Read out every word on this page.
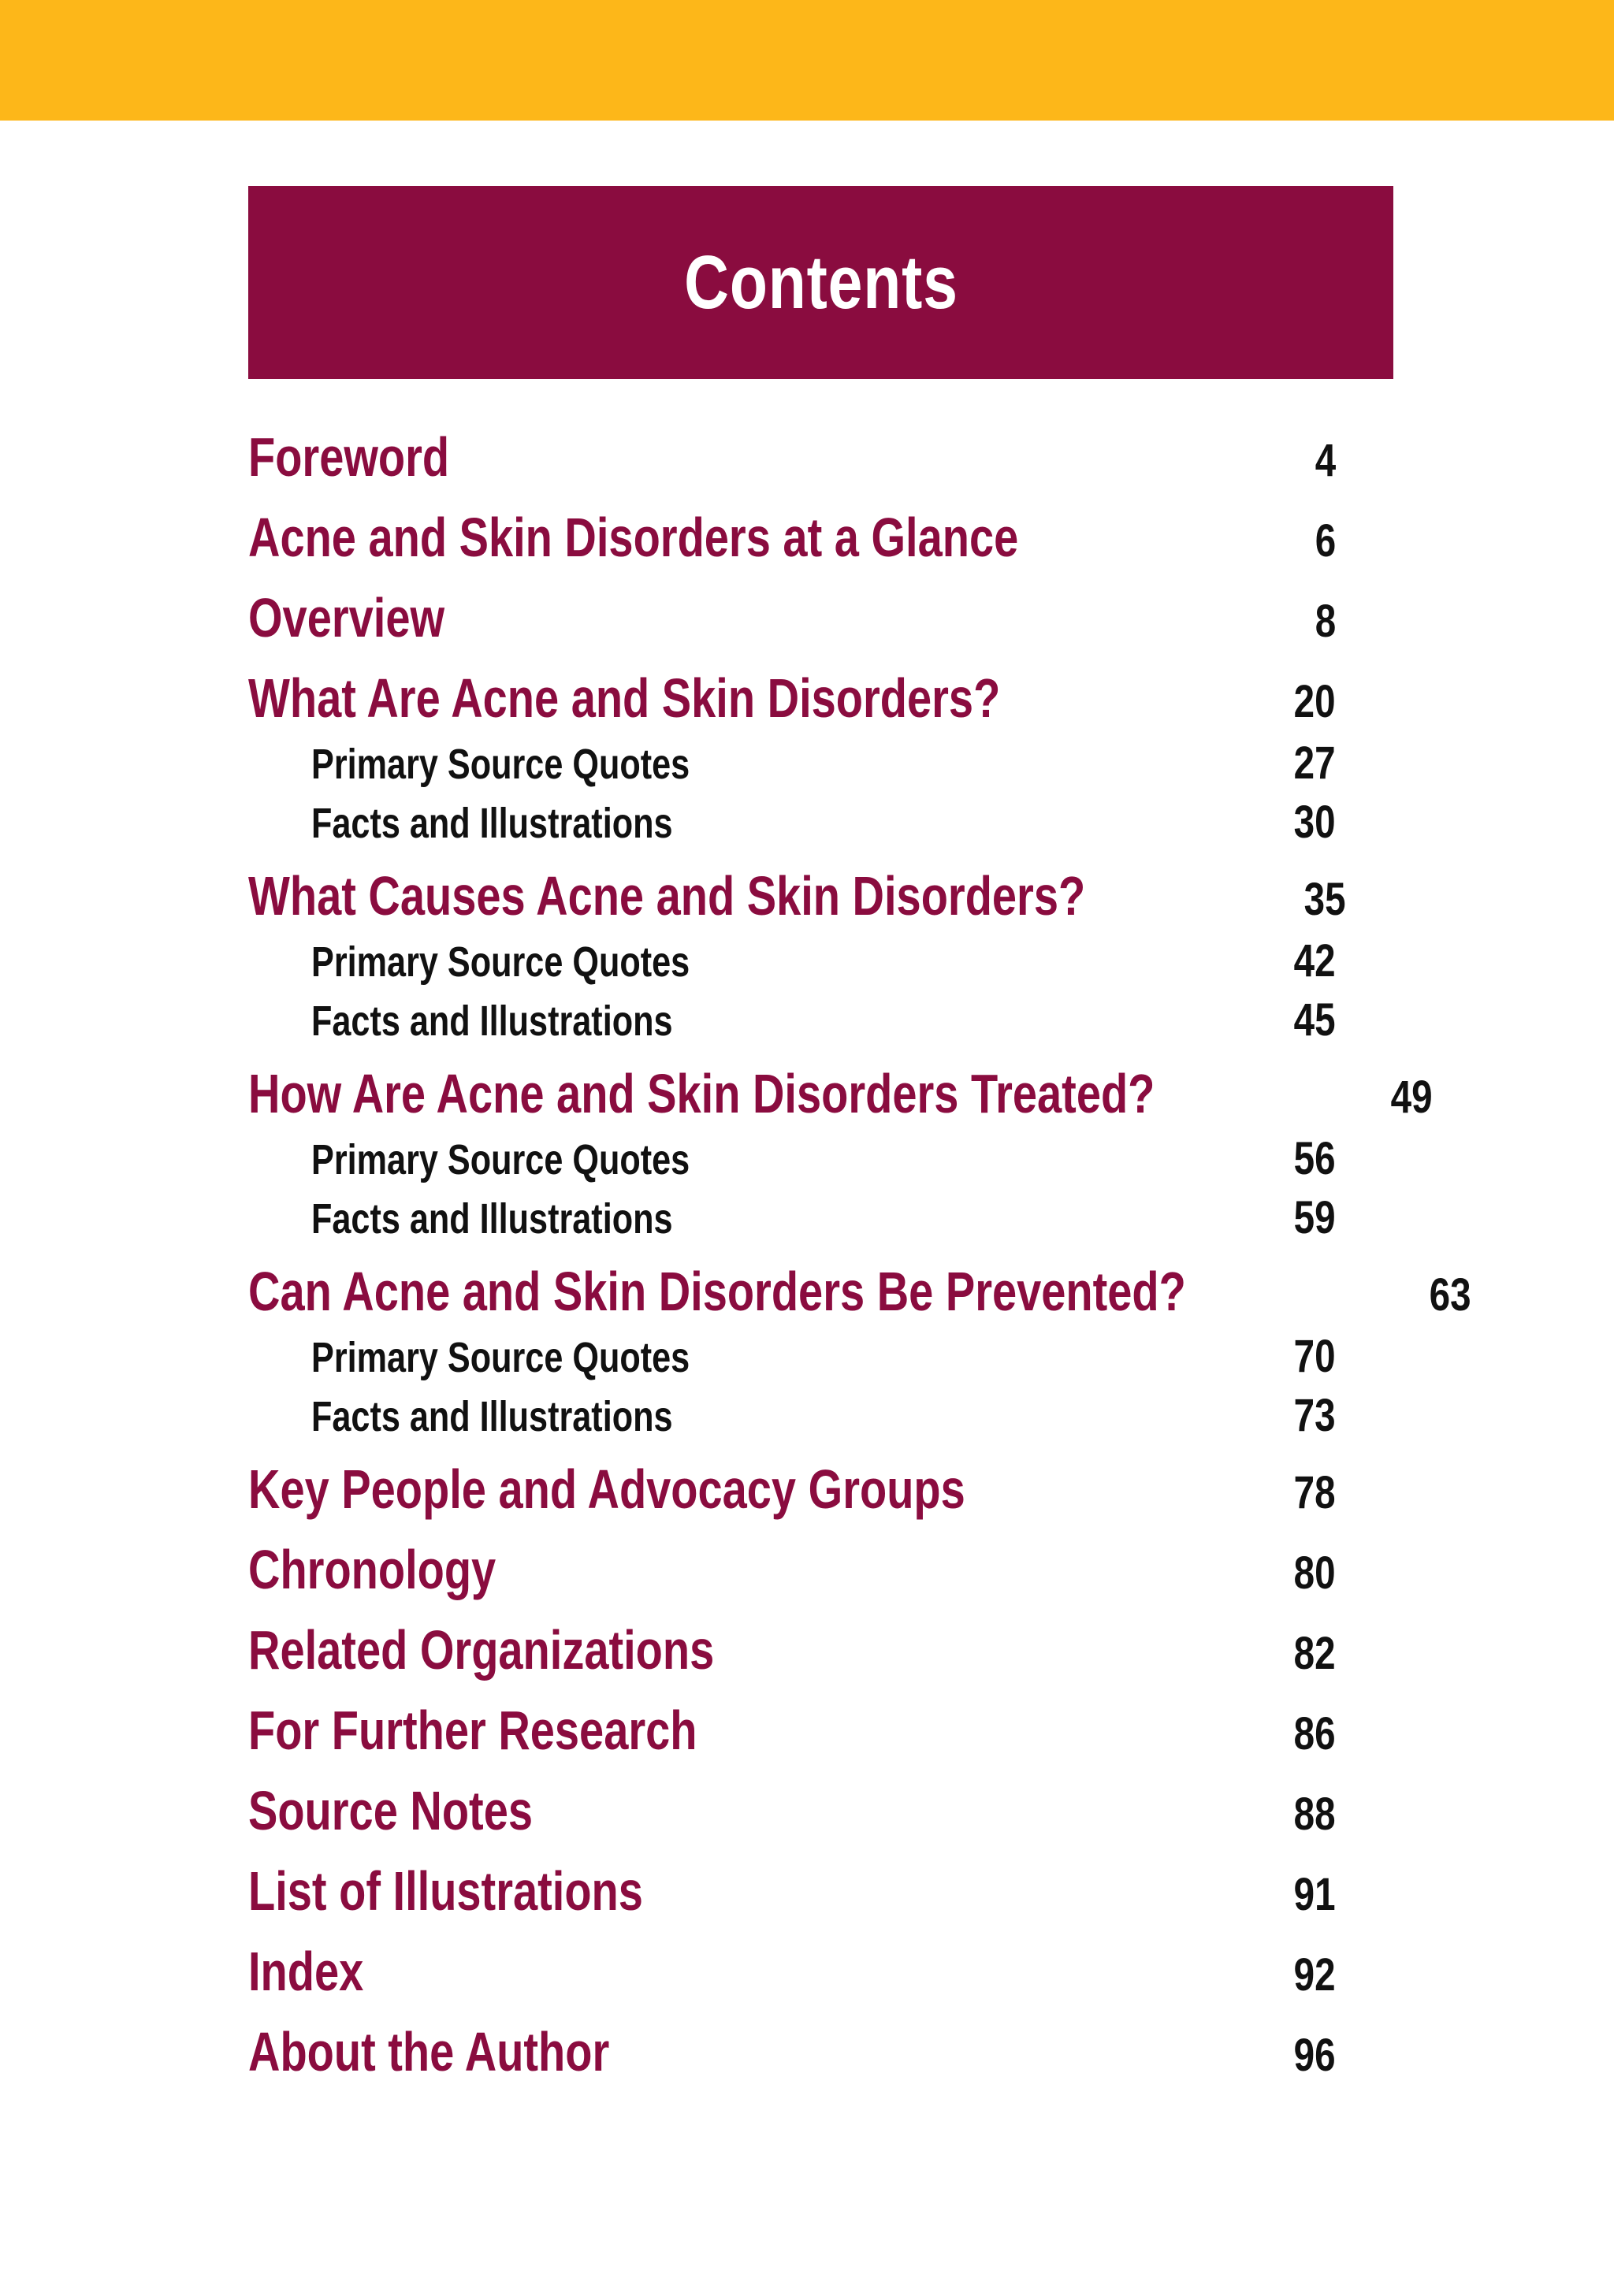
Contents
Foreword	4
Acne and Skin Disorders at a Glance	6
Overview	8
What Are Acne and Skin Disorders?	20
Primary Source Quotes	27
Facts and Illustrations	30
What Causes Acne and Skin Disorders?	35
Primary Source Quotes	42
Facts and Illustrations	45
How Are Acne and Skin Disorders Treated?	49
Primary Source Quotes	56
Facts and Illustrations	59
Can Acne and Skin Disorders Be Prevented?	63
Primary Source Quotes	70
Facts and Illustrations	73
Key People and Advocacy Groups	78
Chronology	80
Related Organizations	82
For Further Research	86
Source Notes	88
List of Illustrations	91
Index	92
About the Author	96
